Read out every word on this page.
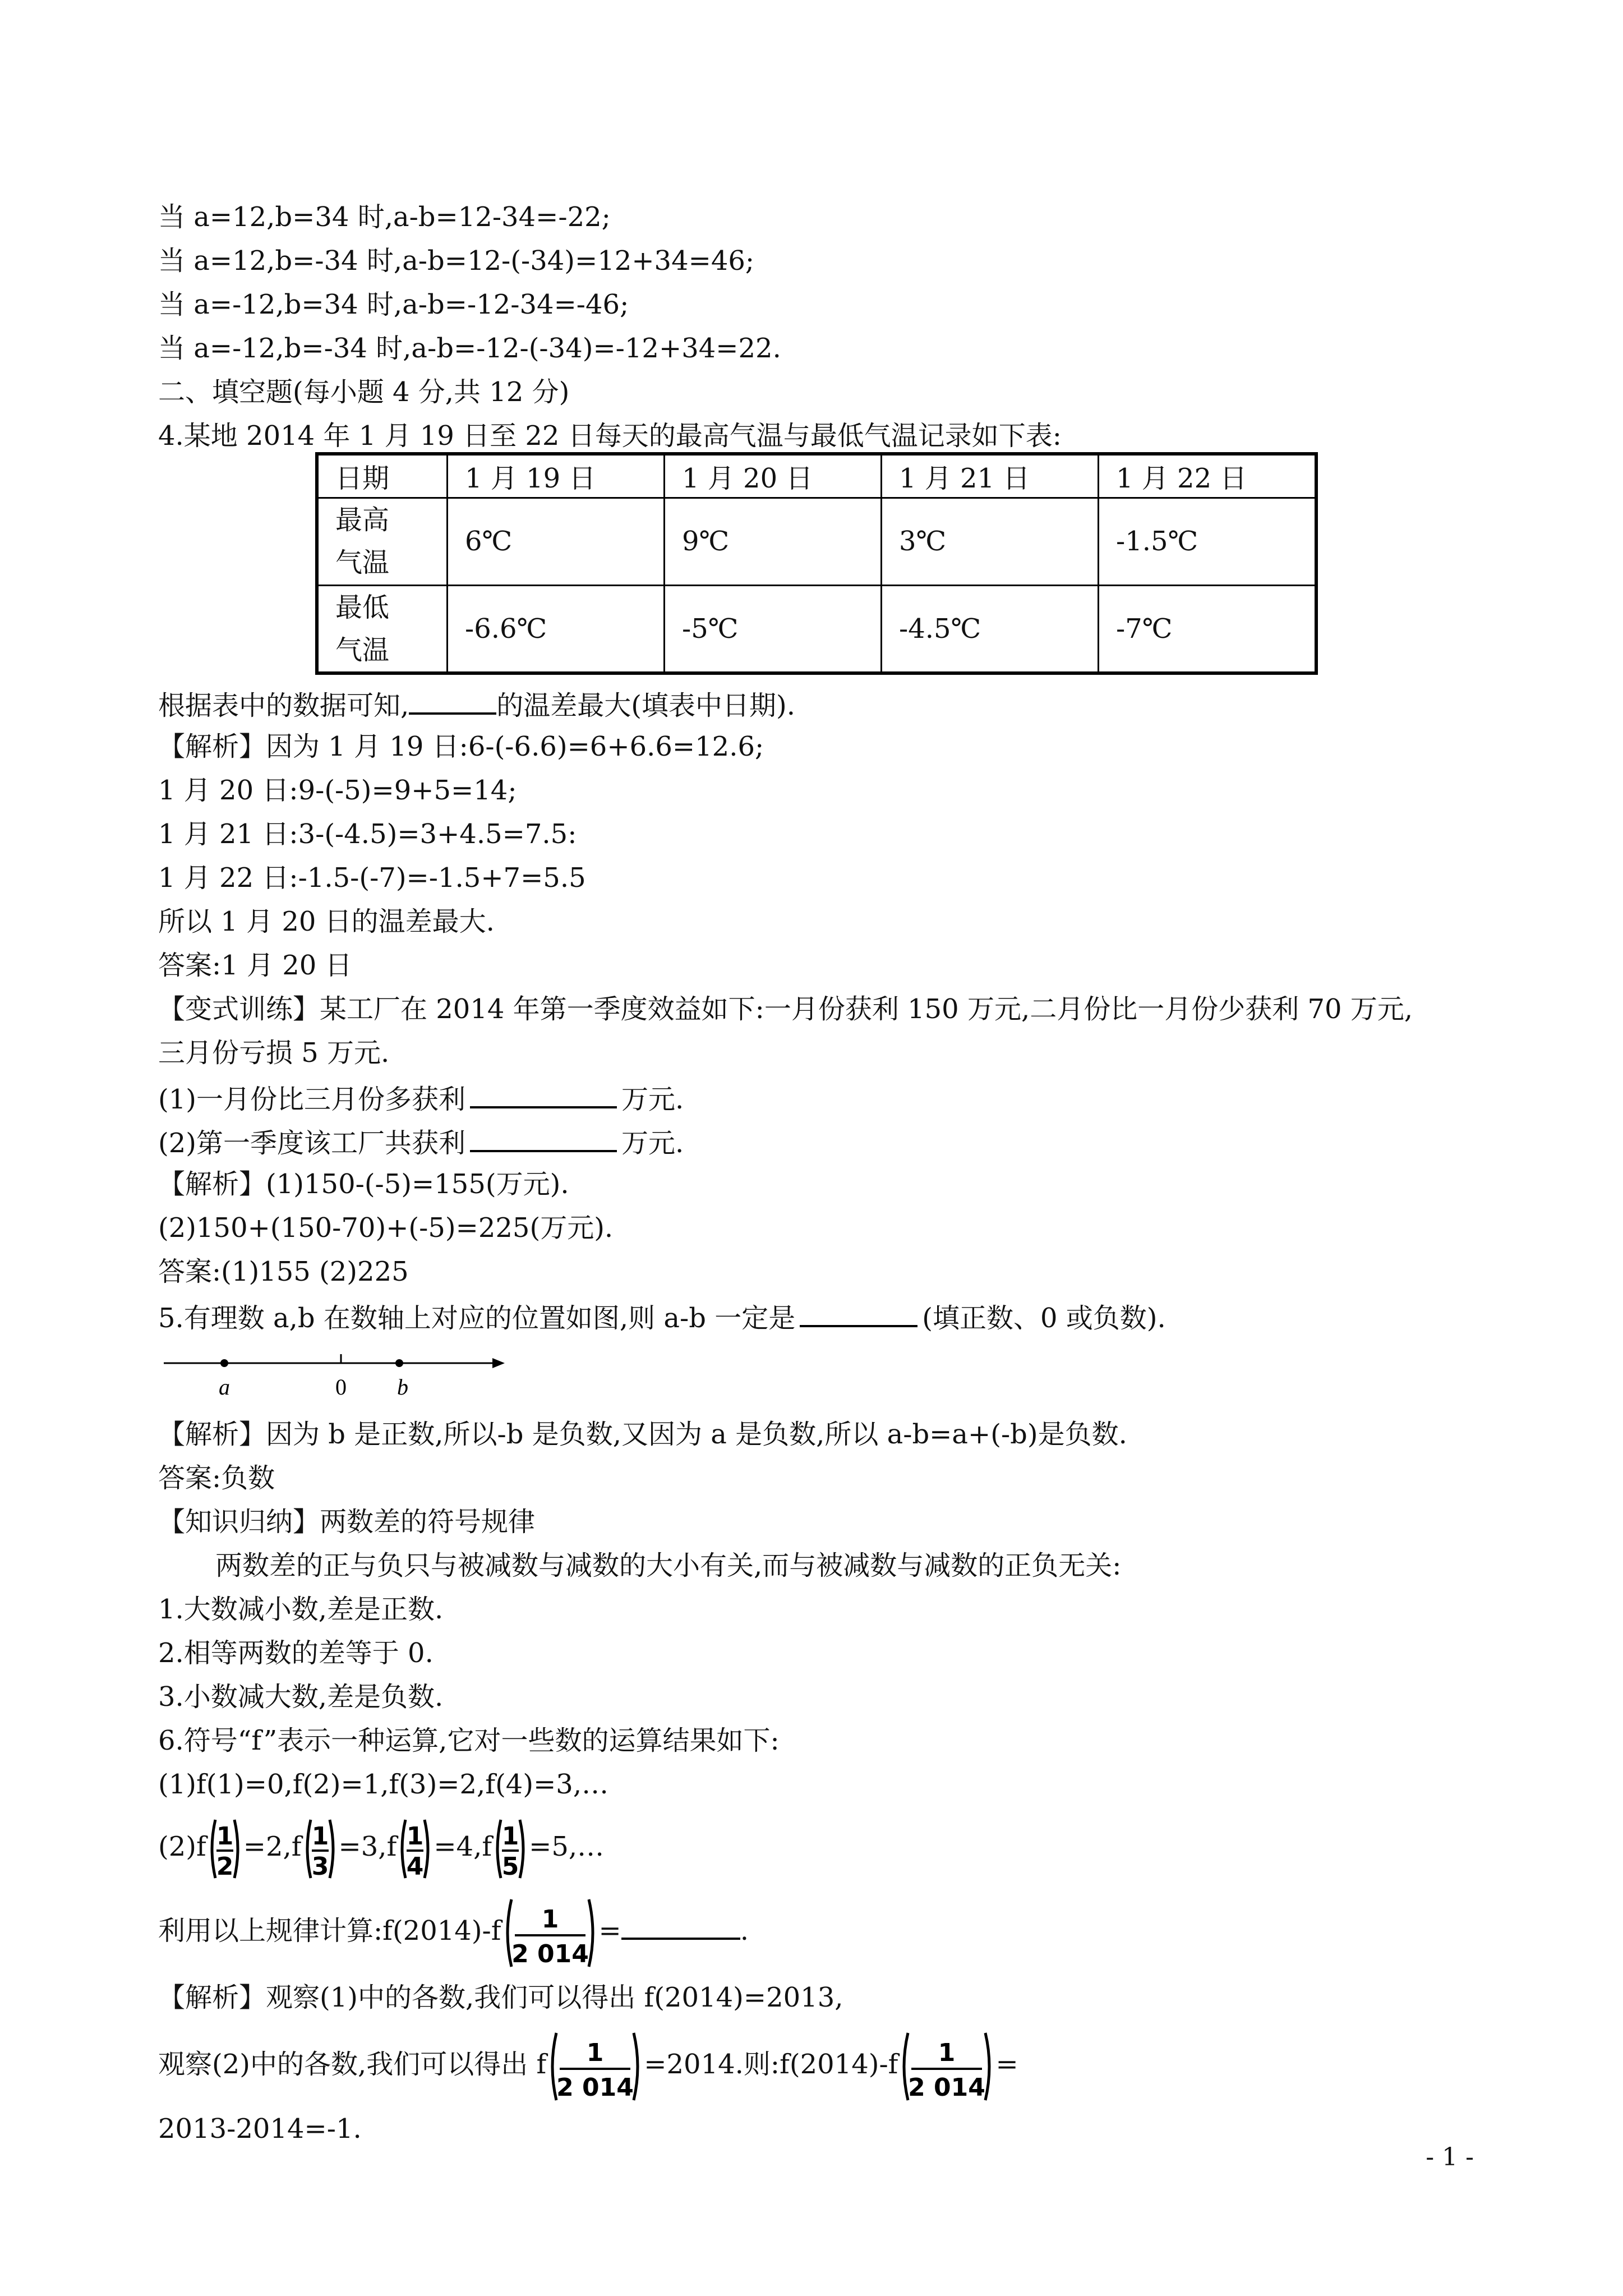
当 a=12,b=34 时,a-b=12-34=-22;
当 a=12,b=-34 时,a-b=12-(-34)=12+34=46;
当 a=-12,b=34 时,a-b=-12-34=-46;
当 a=-12,b=-34 时,a-b=-12-(-34)=-12+34=22.
二、填空题(每小题 4 分,共 12 分)
4.某地 2014 年 1 月 19 日至 22 日每天的最高气温与最低气温记录如下表:
日期	1 月 19 日	1 月 20 日	1 月 21 日	1 月 22 日
最高
气温	6℃	9℃	3℃	-1.5℃
最低
气温	-6.6℃	-5℃	-4.5℃	-7℃
根据表中的数据可知,	的温差最大(填表中日期).
【解析】因为 1 月 19 日:6-(-6.6)=6+6.6=12.6;
1 月 20 日:9-(-5)=9+5=14;
1 月 21 日:3-(-4.5)=3+4.5=7.5:
1 月 22 日:-1.5-(-7)=-1.5+7=5.5
所以 1 月 20 日的温差最大.
答案:1 月 20 日
【变式训练】某工厂在 2014 年第一季度效益如下:一月份获利 150 万元,二月份比一月份少获利 70 万元,
三月份亏损 5 万元.
(1)一月份比三月份多获利	万元.
(2)第一季度该工厂共获利	万元.
【解析】(1)150-(-5)=155(万元).
(2)150+(150-70)+(-5)=225(万元).
答案:(1)155 (2)225
5.有理数 a,b 在数轴上对应的位置如图,则 a-b 一定是	(填正数、0 或负数).
a	0 b
【解析】因为 b 是正数,所以-b 是负数,又因为 a 是负数,所以 a-b=a+(-b)是负数.
答案:负数
【知识归纳】两数差的符号规律
两数差的正与负只与被减数与减数的大小有关,而与被减数与减数的正负无关:
1.大数减小数,差是正数.
2.相等两数的差等于 0.
3.小数减大数,差是负数.
6.符号“f”表示一种运算,它对一些数的运算结果如下:
(1)f(1)=0,f(2)=1,f(3)=2,f(4)=3,…
(2)f 1
2
=2,f 1
3
=3,f 1
4
=4,f 1
5
=5,…
利用以上规律计算:f(2014)-f 1
2 014
=	.
【解析】观察(1)中的各数,我们可以得出 f(2014)=2013,
观察(2)中的各数,我们可以得出 f 1
2 014
=2014.则:f(2014)-f 1
2 014
=
2013-2014=-1.
- 1 -
